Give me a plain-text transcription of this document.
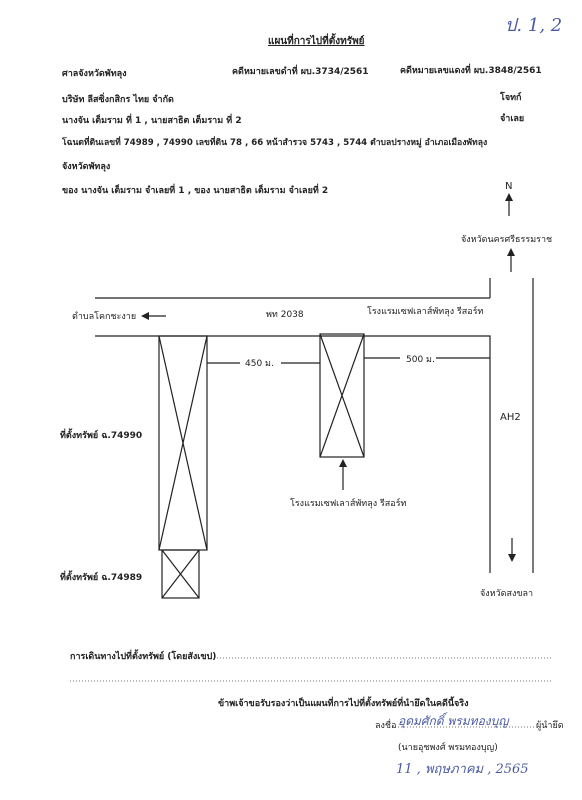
ป. 1, 2
แผนที่การไปที่ตั้งทรัพย์
ศาลจังหวัดพัทลุง	คดีหมายเลขดำที่ ผบ.3734/2561	คดีหมายเลขแดงที่ ผบ.3848/2561
บริษัท ลีสซิ่งกสิกร ไทย จำกัด	โจทก์
นางจัน เต็มราม ที่ 1 , นายสาธิต เต็มราม ที่ 2	จำเลย
โฉนดที่ดินเลขที่ 74989 , 74990 เลขที่ดิน 78 , 66 หน้าสำรวจ 5743 , 5744 ตำบลปรางหมู่ อำเภอเมืองพัทลุง
จังหวัดพัทลุง
ของ นางจัน เต็มราม จำเลยที่ 1 , ของ นายสาธิต เต็มราม จำเลยที่ 2	N
จังหวัดนครศรีธรรมราช
ตำบลโคกชะงาย	พท 2038	โรงแรมเซฟเลาส์พัทลุง รีสอร์ท
450 ม.	500 ม.
AH2
ที่ตั้งทรัพย์ ฉ.74990
โรงแรมเซฟเลาส์พัทลุง รีสอร์ท
ที่ตั้งทรัพย์ ฉ.74989
จังหวัดสงขลา
การเดินทางไปที่ตั้งทรัพย์ (โดยสังเขป)
ข้าพเจ้าขอรับรองว่าเป็นแผนที่การไปที่ตั้งทรัพย์ที่นำยึดในคดีนี้จริง
ลงชื่อ อุดมศักดิ์ พรมทองบุญ	ผู้นำยึด
(นายอุชพงศ์ พรมทองบุญ)
11 , พฤษภาคม , 2565
